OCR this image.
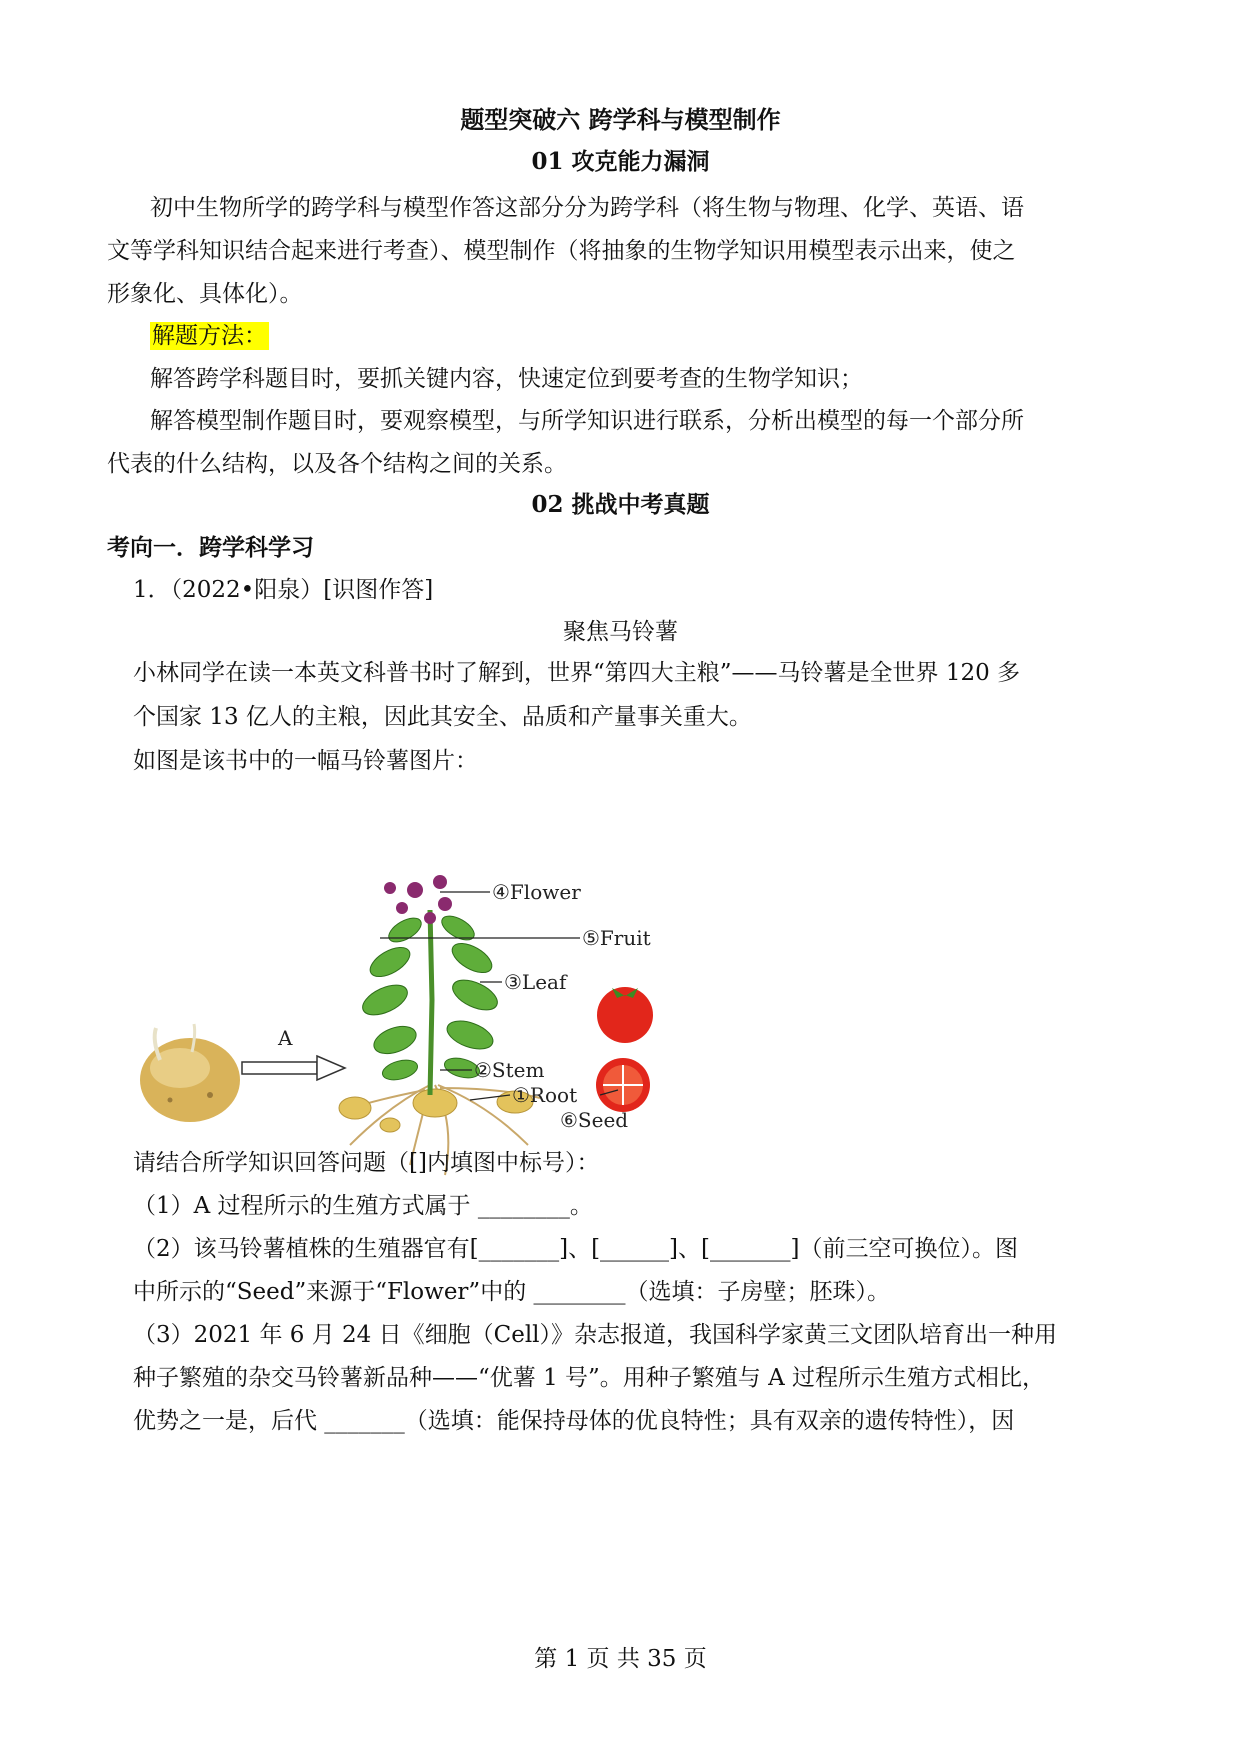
题型突破六 跨学科与模型制作
01 攻克能力漏洞
初中生物所学的跨学科与模型作答这部分分为跨学科（将生物与物理、化学、英语、语
文等学科知识结合起来进行考查）、模型制作（将抽象的生物学知识用模型表示出来，使之
形象化、具体化）。
解题方法：
解答跨学科题目时，要抓关键内容，快速定位到要考查的生物学知识；
解答模型制作题目时，要观察模型，与所学知识进行联系，分析出模型的每一个部分所
代表的什么结构，以及各个结构之间的关系。
02 挑战中考真题
考向一．跨学科学习
1．（2022•阳泉）[识图作答]
聚焦马铃薯
小林同学在读一本英文科普书时了解到，世界“第四大主粮”——马铃薯是全世界 120 多
个国家 13 亿人的主粮，因此其安全、品质和产量事关重大。
如图是该书中的一幅马铃薯图片：
A
④Flower
⑤Fruit
③Leaf
②Stem
①Root
⑥Seed
请结合所学知识回答问题（[]内填图中标号）：
（1）A 过程所示的生殖方式属于 ________。
（2）该马铃薯植株的生殖器官有[_______]、[______]、[_______]（前三空可换位）。图
中所示的“Seed”来源于“Flower”中的 ________（选填：子房壁；胚珠）。
（3）2021 年 6 月 24 日《细胞（Cell）》杂志报道，我国科学家黄三文团队培育出一种用
种子繁殖的杂交马铃薯新品种——“优薯 1 号”。用种子繁殖与 A 过程所示生殖方式相比，
优势之一是，后代 _______（选填：能保持母体的优良特性；具有双亲的遗传特性），因
第 1 页 共 35 页
